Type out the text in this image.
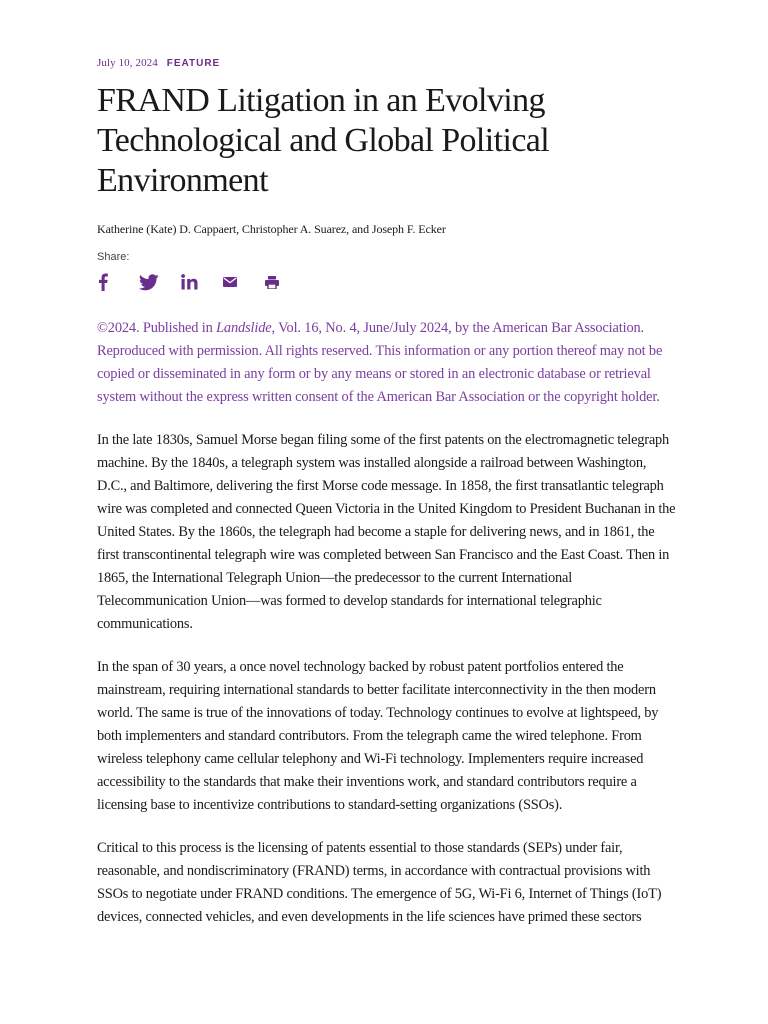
July 10, 2024 FEATURE
FRAND Litigation in an Evolving Technological and Global Political Environment
Katherine (Kate) D. Cappaert, Christopher A. Suarez, and Joseph F. Ecker
Share:
©2024. Published in Landslide, Vol. 16, No. 4, June/July 2024, by the American Bar Association. Reproduced with permission. All rights reserved. This information or any portion thereof may not be copied or disseminated in any form or by any means or stored in an electronic database or retrieval system without the express written consent of the American Bar Association or the copyright holder.

In the late 1830s, Samuel Morse began filing some of the first patents on the electromagnetic telegraph machine. By the 1840s, a telegraph system was installed alongside a railroad between Washington, D.C., and Baltimore, delivering the first Morse code message. In 1858, the first transatlantic telegraph wire was completed and connected Queen Victoria in the United Kingdom to President Buchanan in the United States. By the 1860s, the telegraph had become a staple for delivering news, and in 1861, the first transcontinental telegraph wire was completed between San Francisco and the East Coast. Then in 1865, the International Telegraph Union—the predecessor to the current International Telecommunication Union—was formed to develop standards for international telegraphic communications.

In the span of 30 years, a once novel technology backed by robust patent portfolios entered the mainstream, requiring international standards to better facilitate interconnectivity in the then modern world. The same is true of the innovations of today. Technology continues to evolve at lightspeed, by both implementers and standard contributors. From the telegraph came the wired telephone. From wireless telephony came cellular telephony and Wi-Fi technology. Implementers require increased accessibility to the standards that make their inventions work, and standard contributors require a licensing base to incentivize contributions to standard-setting organizations (SSOs).

Critical to this process is the licensing of patents essential to those standards (SEPs) under fair, reasonable, and nondiscriminatory (FRAND) terms, in accordance with contractual provisions with SSOs to negotiate under FRAND conditions. The emergence of 5G, Wi-Fi 6, Internet of Things (IoT) devices, connected vehicles, and even developments in the life sciences have primed these sectors
